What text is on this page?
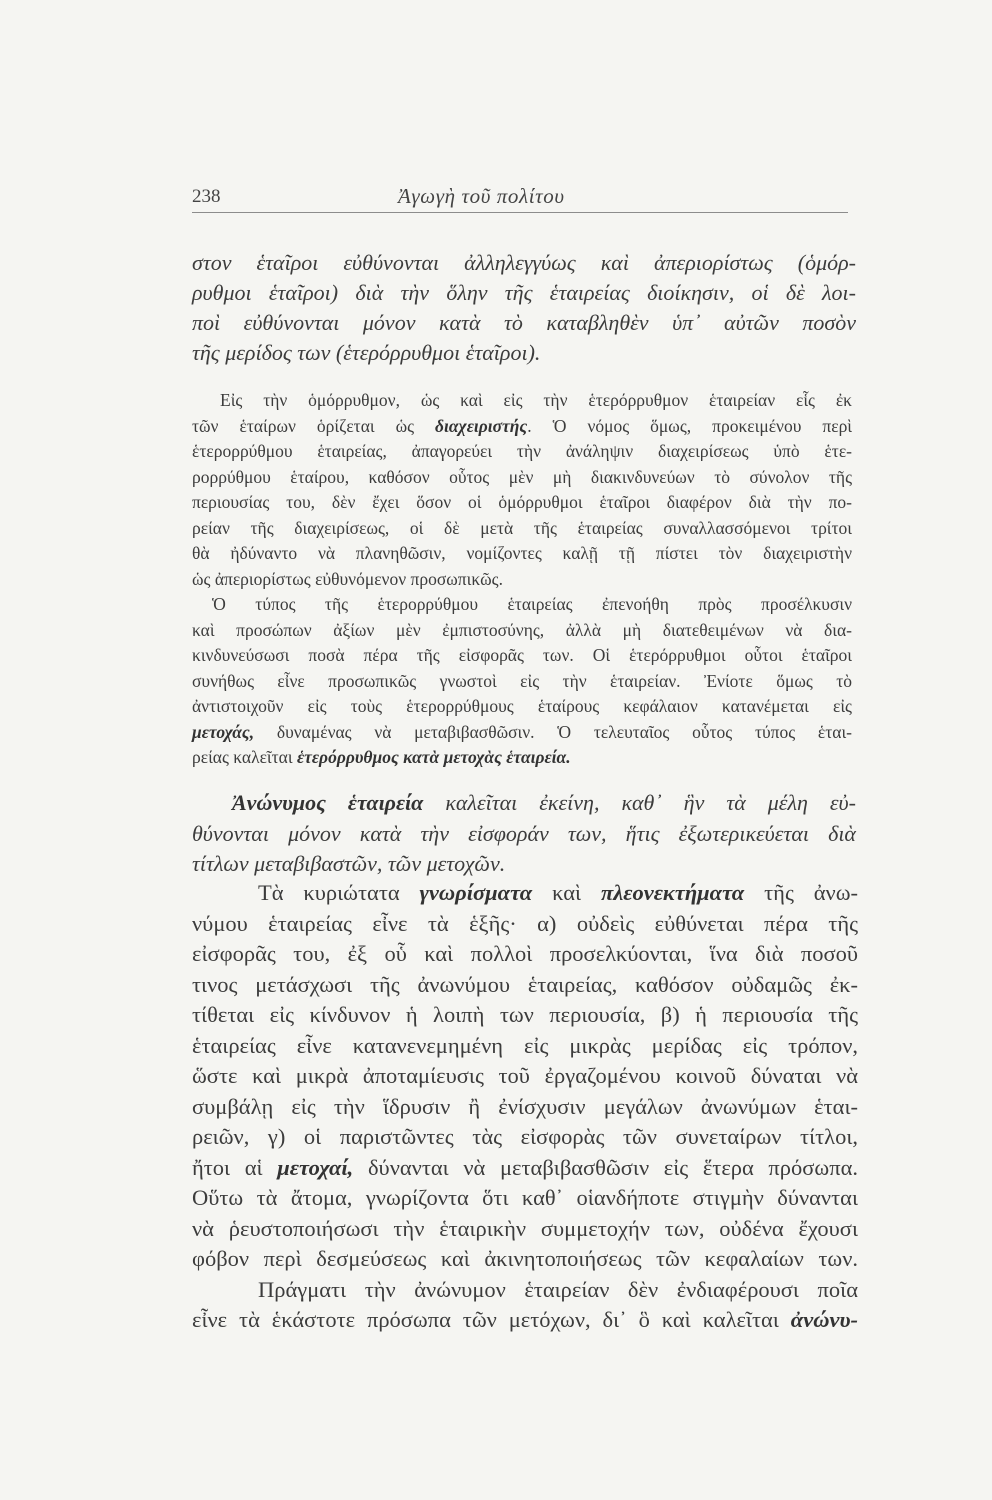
238	Ἀγωγὴ τοῦ πολίτου
στον ἑταῖροι εὐθύνονται ἀλληλεγγύως καὶ ἀπεριορίστως (ὁμόρ-
ρυθμοι ἑταῖροι) διὰ τὴν ὅλην τῆς ἑταιρείας διοίκησιν, οἱ δὲ λοι-
ποὶ εὐθύνονται μόνον κατὰ τὸ καταβληθὲν ὑπ᾽ αὐτῶν ποσὸν
τῆς μερίδος των (ἑτερόρρυθμοι ἑταῖροι).
Εἰς τὴν ὁμόρρυθμον, ὡς καὶ εἰς τὴν ἑτερόρρυθμον ἑταιρείαν εἷς ἐκ
τῶν ἑταίρων ὁρίζεται ὡς διαχειριστής. Ὁ νόμος ὅμως, προκειμένου περὶ
ἑτερορρύθμου ἑταιρείας, ἀπαγορεύει τὴν ἀνάληψιν διαχειρίσεως ὑπὸ ἑτε-
ρορρύθμου ἑταίρου, καθόσον οὗτος μὲν μὴ διακινδυνεύων τὸ σύνολον τῆς
περιουσίας του, δὲν ἔχει ὅσον οἱ ὁμόρρυθμοι ἑταῖροι διαφέρον διὰ τὴν πο-
ρείαν τῆς διαχειρίσεως, οἱ δὲ μετὰ τῆς ἑταιρείας συναλλασσόμενοι τρίτοι
θὰ ἠδύναντο νὰ πλανηθῶσιν, νομίζοντες καλῇ τῇ πίστει τὸν διαχειριστὴν
ὡς ἀπεριορίστως εὐθυνόμενον προσωπικῶς.
Ὁ τύπος τῆς ἑτερορρύθμου ἑταιρείας ἐπενοήθη πρὸς προσέλκυσιν
καὶ προσώπων ἀξίων μὲν ἐμπιστοσύνης, ἀλλὰ μὴ διατεθειμένων νὰ δια-
κινδυνεύσωσι ποσὰ πέρα τῆς εἰσφορᾶς των. Οἱ ἑτερόρρυθμοι οὗτοι ἑταῖροι
συνήθως εἶνε προσωπικῶς γνωστοὶ εἰς τὴν ἑταιρείαν. Ἐνίοτε ὅμως τὸ
ἀντιστοιχοῦν εἰς τοὺς ἑτερορρύθμους ἑταίρους κεφάλαιον κατανέμεται εἰς
μετοχάς, δυναμένας νὰ μεταβιβασθῶσιν. Ὁ τελευταῖος οὗτος τύπος ἑται-
ρείας καλεῖται ἑτερόρρυθμος κατὰ μετοχὰς ἑταιρεία.
Ἀνώνυμος ἑταιρεία καλεῖται ἐκείνη, καθ᾽ ἣν τὰ μέλη εὐ-
θύνονται μόνον κατὰ τὴν εἰσφοράν των, ἥτις ἐξωτερικεύεται διὰ
τίτλων μεταβιβαστῶν, τῶν μετοχῶν.
Τὰ κυριώτατα γνωρίσματα καὶ πλεονεκτήματα τῆς ἀνω-
νύμου ἑταιρείας εἶνε τὰ ἑξῆς· α) οὐδεὶς εὐθύνεται πέρα τῆς
εἰσφορᾶς του, ἐξ οὗ καὶ πολλοὶ προσελκύονται, ἵνα διὰ ποσοῦ
τινος μετάσχωσι τῆς ἀνωνύμου ἑταιρείας, καθόσον οὐδαμῶς ἐκ-
τίθεται εἰς κίνδυνον ἡ λοιπὴ των περιουσία, β) ἡ περιουσία τῆς
ἑταιρείας εἶνε κατανενεμημένη εἰς μικρὰς μερίδας εἰς τρόπον,
ὥστε καὶ μικρὰ ἀποταμίευσις τοῦ ἐργαζομένου κοινοῦ δύναται νὰ
συμβάλῃ εἰς τὴν ἵδρυσιν ἢ ἐνίσχυσιν μεγάλων ἀνωνύμων ἑται-
ρειῶν, γ) οἱ παριστῶντες τὰς εἰσφορὰς τῶν συνεταίρων τίτλοι,
ἤτοι αἱ μετοχαί, δύνανται νὰ μεταβιβασθῶσιν εἰς ἕτερα πρόσωπα.
Οὕτω τὰ ἄτομα, γνωρίζοντα ὅτι καθ᾽ οἱανδήποτε στιγμὴν δύνανται
νὰ ῥευστοποιήσωσι τὴν ἑταιρικὴν συμμετοχήν των, οὐδένα ἔχουσι
φόβον περὶ δεσμεύσεως καὶ ἀκινητοποιήσεως τῶν κεφαλαίων των.
Πράγματι τὴν ἀνώνυμον ἑταιρείαν δὲν ἐνδιαφέρουσι ποῖα
εἶνε τὰ ἑκάστοτε πρόσωπα τῶν μετόχων, δι᾽ ὃ καὶ καλεῖται ἀνώνυ-
